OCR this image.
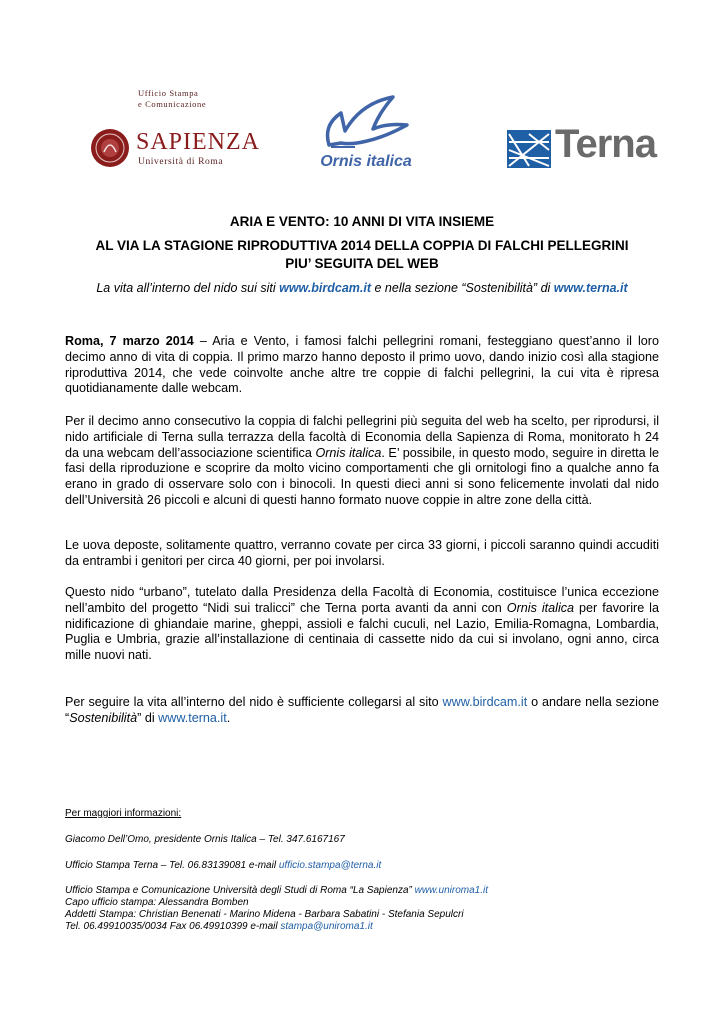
Ufficio Stampa
e Comunicazione
SAPIENZA
Università di Roma	Ornis italica	Terna
ARIA E VENTO: 10 ANNI DI VITA INSIEME
AL VIA LA STAGIONE RIPRODUTTIVA 2014 DELLA COPPIA DI FALCHI PELLEGRINI
PIU’ SEGUITA DEL WEB
La vita all’interno del nido sui siti www.birdcam.it e nella sezione “Sostenibilità” di www.terna.it
Roma, 7 marzo 2014 – Aria e Vento, i famosi falchi pellegrini romani, festeggiano quest’anno il loro decimo anno di vita di coppia. Il primo marzo hanno deposto il primo uovo, dando inizio così alla stagione riproduttiva 2014, che vede coinvolte anche altre tre coppie di falchi pellegrini, la cui vita è ripresa quotidianamente dalle webcam.
Per il decimo anno consecutivo la coppia di falchi pellegrini più seguita del web ha scelto, per riprodursi, il nido artificiale di Terna sulla terrazza della facoltà di Economia della Sapienza di Roma, monitorato h 24 da una webcam dell’associazione scientifica Ornis italica. E’ possibile, in questo modo, seguire in diretta le fasi della riproduzione e scoprire da molto vicino comportamenti che gli ornitologi fino a qualche anno fa erano in grado di osservare solo con i binocoli. In questi dieci anni si sono felicemente involati dal nido dell’Università 26 piccoli e alcuni di questi hanno formato nuove coppie in altre zone della città.
Le uova deposte, solitamente quattro, verranno covate per circa 33 giorni, i piccoli saranno quindi accuditi da entrambi i genitori per circa 40 giorni, per poi involarsi.
Questo nido “urbano”, tutelato dalla Presidenza della Facoltà di Economia, costituisce l’unica eccezione nell’ambito del progetto “Nidi sui tralicci” che Terna porta avanti da anni con Ornis italica per favorire la nidificazione di ghiandaie marine, gheppi, assioli e falchi cuculi, nel Lazio, Emilia-Romagna, Lombardia, Puglia e Umbria, grazie all’installazione di centinaia di cassette nido da cui si involano, ogni anno, circa mille nuovi nati.
Per seguire la vita all’interno del nido è sufficiente collegarsi al sito www.birdcam.it o andare nella sezione “Sostenibilità” di www.terna.it.
Per maggiori informazioni:
Giacomo Dell’Omo, presidente Ornis Italica – Tel. 347.6167167
Ufficio Stampa Terna – Tel. 06.83139081 e-mail ufficio.stampa@terna.it
Ufficio Stampa e Comunicazione Università degli Studi di Roma “La Sapienza” www.uniroma1.it
Capo ufficio stampa: Alessandra Bomben
Addetti Stampa: Christian Benenati - Marino Midena - Barbara Sabatini - Stefania Sepulcri
Tel. 06.49910035/0034 Fax 06.49910399 e-mail stampa@uniroma1.it
